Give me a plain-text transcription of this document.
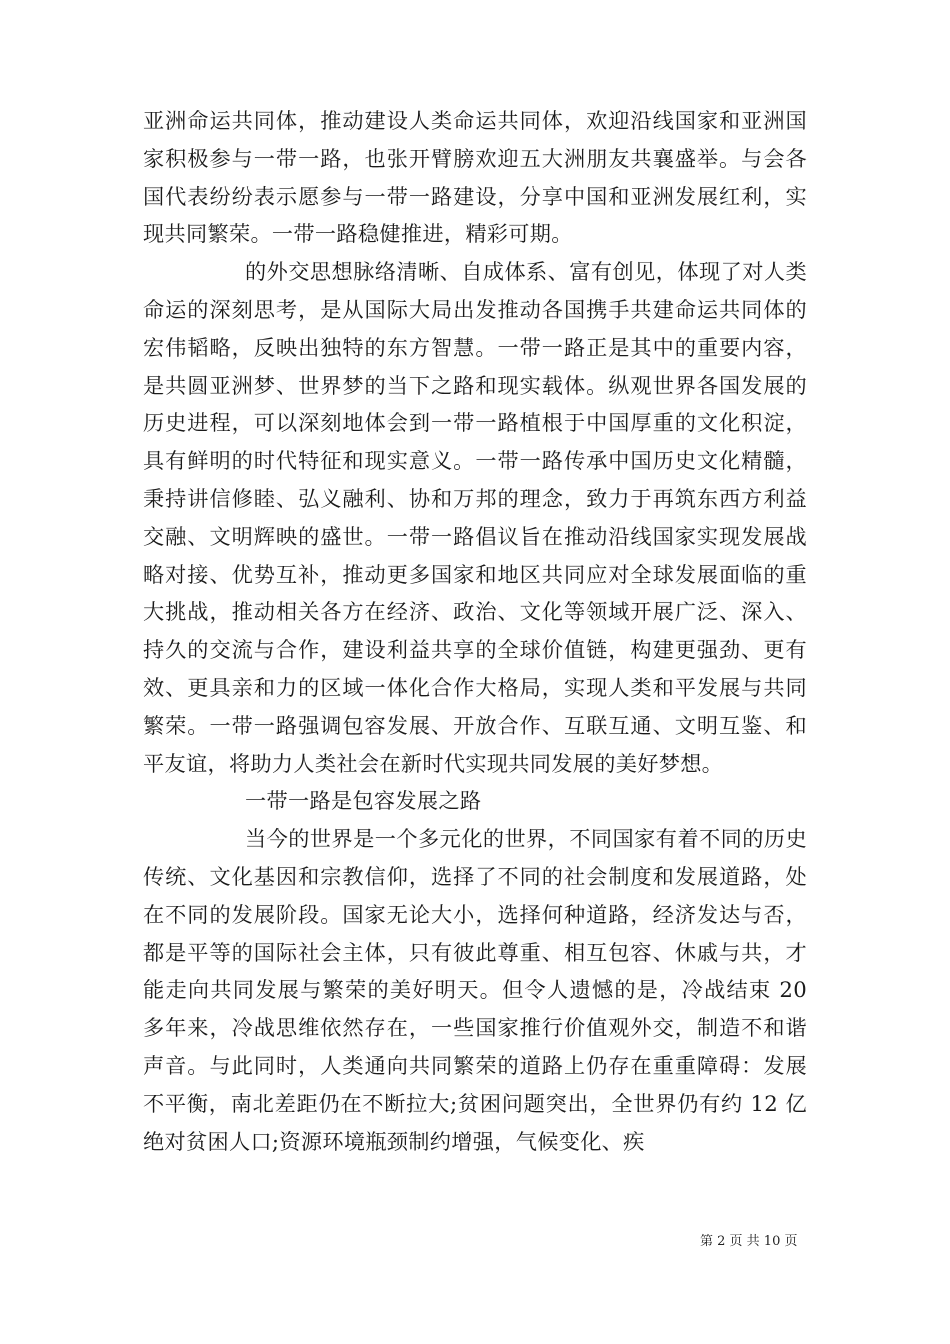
亚洲命运共同体，推动建设人类命运共同体，欢迎沿线国家和亚洲国家积极参与一带一路，也张开臂膀欢迎五大洲朋友共襄盛举。与会各国代表纷纷表示愿参与一带一路建设，分享中国和亚洲发展红利，实现共同繁荣。一带一路稳健推进，精彩可期。

的外交思想脉络清晰、自成体系、富有创见，体现了对人类命运的深刻思考，是从国际大局出发推动各国携手共建命运共同体的宏伟韬略，反映出独特的东方智慧。一带一路正是其中的重要内容，是共圆亚洲梦、世界梦的当下之路和现实载体。纵观世界各国发展的历史进程，可以深刻地体会到一带一路植根于中国厚重的文化积淀，具有鲜明的时代特征和现实意义。一带一路传承中国历史文化精髓，秉持讲信修睦、弘义融利、协和万邦的理念，致力于再筑东西方利益交融、文明辉映的盛世。一带一路倡议旨在推动沿线国家实现发展战略对接、优势互补，推动更多国家和地区共同应对全球发展面临的重大挑战，推动相关各方在经济、政治、文化等领域开展广泛、深入、持久的交流与合作，建设利益共享的全球价值链，构建更强劲、更有效、更具亲和力的区域一体化合作大格局，实现人类和平发展与共同繁荣。一带一路强调包容发展、开放合作、互联互通、文明互鉴、和平友谊，将助力人类社会在新时代实现共同发展的美好梦想。

一带一路是包容发展之路

当今的世界是一个多元化的世界，不同国家有着不同的历史传统、文化基因和宗教信仰，选择了不同的社会制度和发展道路，处在不同的发展阶段。国家无论大小，选择何种道路，经济发达与否，都是平等的国际社会主体，只有彼此尊重、相互包容、休戚与共，才能走向共同发展与繁荣的美好明天。但令人遗憾的是，冷战结束 20 多年来，冷战思维依然存在，一些国家推行价值观外交，制造不和谐声音。与此同时，人类通向共同繁荣的道路上仍存在重重障碍：发展不平衡，南北差距仍在不断拉大;贫困问题突出，全世界仍有约 12 亿绝对贫困人口;资源环境瓶颈制约增强，气候变化、疾

第 2 页 共 10 页
